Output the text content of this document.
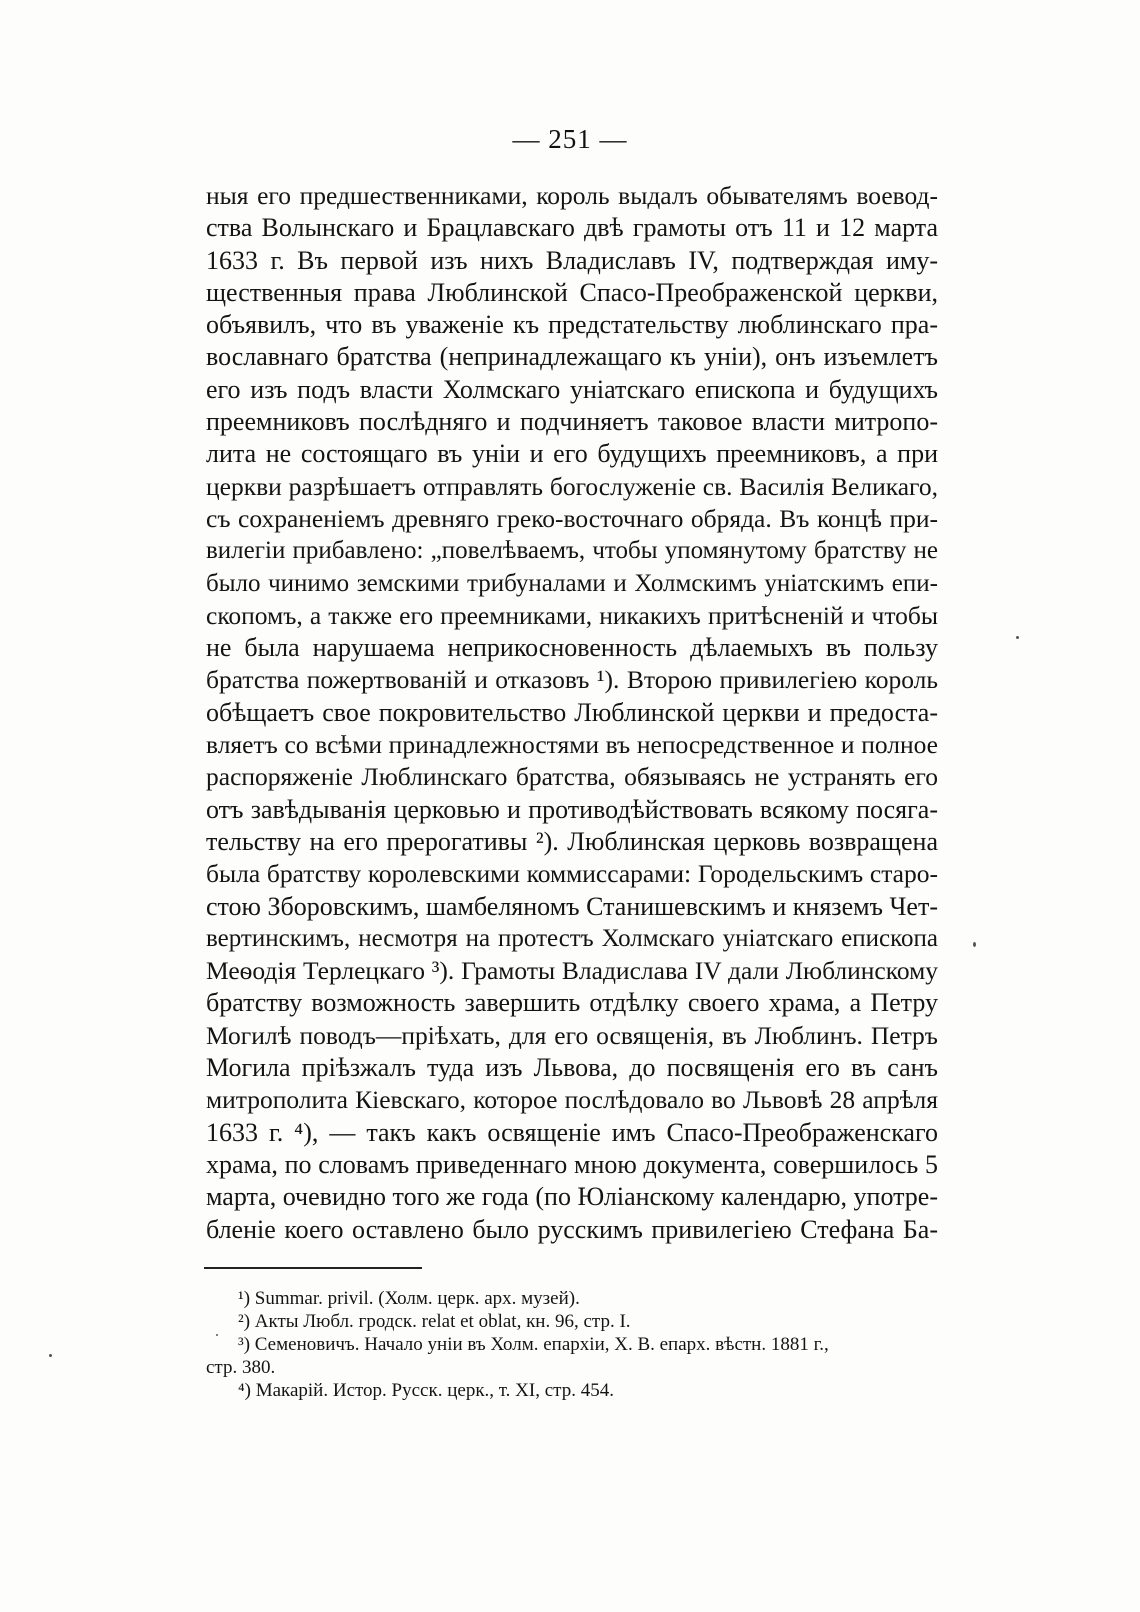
— 251 —
ныя его предшественниками, король выдалъ обывателямъ воевод-
ства Волынскаго и Брацлавскаго двѣ грамоты отъ 11 и 12 марта
1633 г. Въ первой изъ нихъ Владиславъ IV, подтверждая иму-
щественныя права Люблинской Спасо-Преображенской церкви,
объявилъ, что въ уваженіе къ предстательству люблинскаго пра-
вославнаго братства (непринадлежащаго къ уніи), онъ изъемлетъ
его изъ подъ власти Холмскаго уніатскаго епископа и будущихъ
преемниковъ послѣдняго и подчиняетъ таковое власти митропо-
лита не состоящаго въ уніи и его будущихъ преемниковъ, а при
церкви разрѣшаетъ отправлять богослуженіе св. Василія Великаго,
съ сохраненіемъ древняго греко-восточнаго обряда. Въ концѣ при-
вилегіи прибавлено: „повелѣваемъ, чтобы упомянутому братству не
было чинимо земскими трибуналами и Холмскимъ уніатскимъ епи-
скопомъ, а также его преемниками, никакихъ притѣсненій и чтобы
не была нарушаема неприкосновенность дѣлаемыхъ въ пользу
братства пожертвованій и отказовъ ¹). Второю привилегіею король
обѣщаетъ свое покровительство Люблинской церкви и предоста-
вляетъ со всѣми принадлежностями въ непосредственное и полное
распоряженіе Люблинскаго братства, обязываясь не устранять его
отъ завѣдыванія церковью и противодѣйствовать всякому посяга-
тельству на его прерогативы ²). Люблинская церковь возвращена
была братству королевскими коммиссарами: Городельскимъ старо-
стою Зборовскимъ, шамбеляномъ Станишевскимъ и княземъ Чет-
вертинскимъ, несмотря на протестъ Холмскаго уніатскаго епископа
Меѳодія Терлецкаго ³). Грамоты Владислава IV дали Люблинскому
братству возможность завершить отдѣлку своего храма, а Петру
Могилѣ поводъ—пріѣхать, для его освященія, въ Люблинъ. Петръ
Могила пріѣзжалъ туда изъ Львова, до посвященія его въ санъ
митрополита Кіевскаго, которое послѣдовало во Львовѣ 28 апрѣля
1633 г. ⁴), — такъ какъ освященіе имъ Спасо-Преображенскаго
храма, по словамъ приведеннаго мною документа, совершилось 5
марта, очевидно того же года (по Юліанскому календарю, употре-
бленіе коего оставлено было русскимъ привилегіею Стефана Ба-
¹) Summar. privil. (Холм. церк. арх. музей).
²) Акты Любл. гродск. relat et oblat, кн. 96, стр. I.
³) Семеновичъ. Начало уніи въ Холм. епархіи, Х. В. епарх. вѣстн. 1881 г.,
стр. 380.
⁴) Макарій. Истор. Русск. церк., т. XI, стр. 454.
